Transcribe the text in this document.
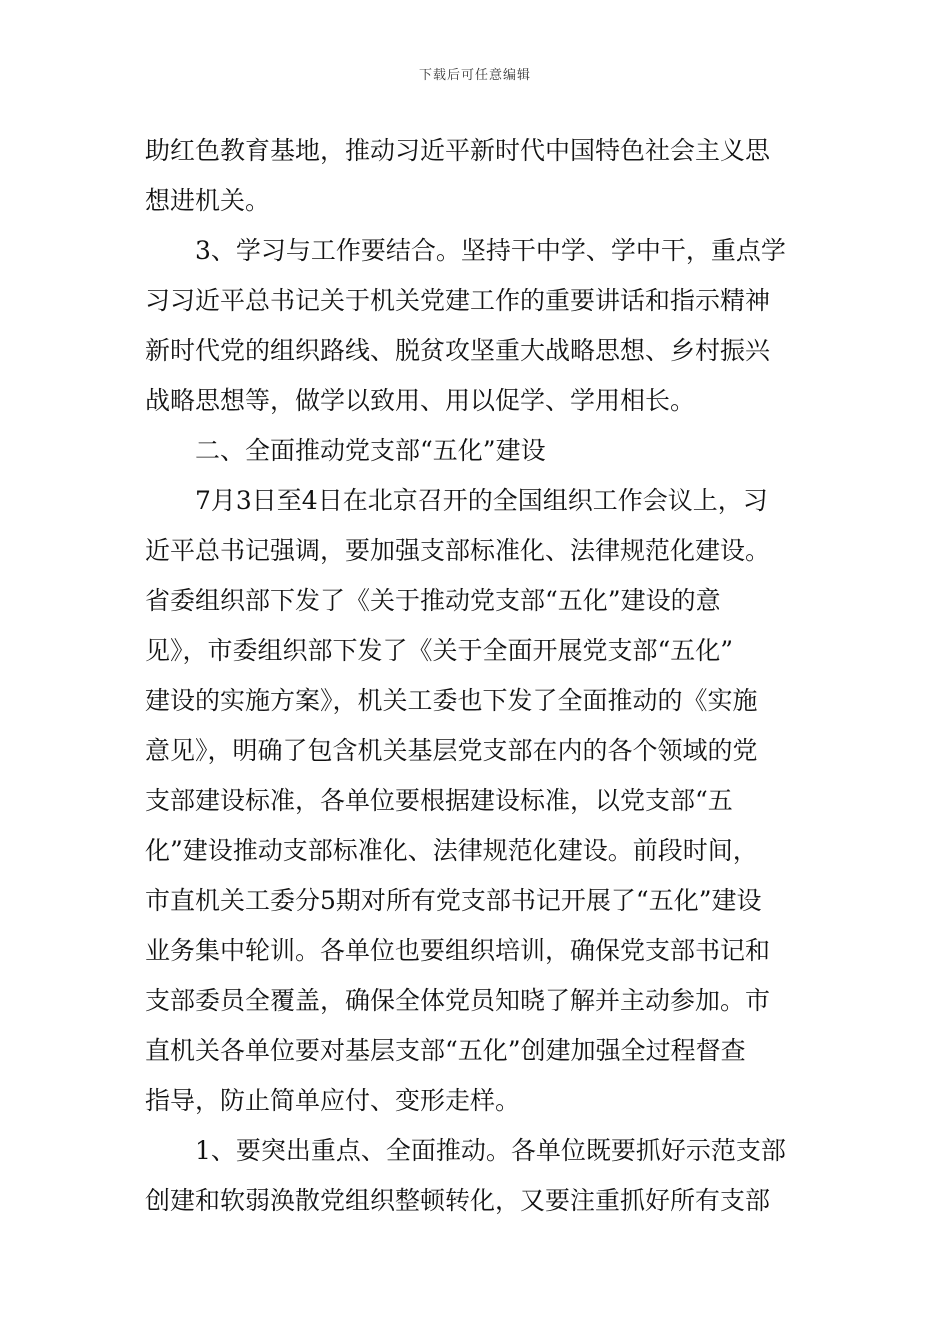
下载后可任意编辑
助红色教育基地，推动习近平新时代中国特色社会主义思
想进机关。
3、学习与工作要结合。坚持干中学、学中干，重点学
习习近平总书记关于机关党建工作的重要讲话和指示精神
新时代党的组织路线、脱贫攻坚重大战略思想、乡村振兴
战略思想等，做学以致用、用以促学、学用相长。
二、全面推动党支部“五化”建设
7月3日至4日在北京召开的全国组织工作会议上，习
近平总书记强调，要加强支部标准化、法律规范化建设。
省委组织部下发了《关于推动党支部“五化”建设的意
见》，市委组织部下发了《关于全面开展党支部“五化”
建设的实施方案》，机关工委也下发了全面推动的《实施
意见》，明确了包含机关基层党支部在内的各个领域的党
支部建设标准，各单位要根据建设标准，以党支部“五
化”建设推动支部标准化、法律规范化建设。前段时间，
市直机关工委分5期对所有党支部书记开展了“五化”建设
业务集中轮训。各单位也要组织培训，确保党支部书记和
支部委员全覆盖，确保全体党员知晓了解并主动参加。市
直机关各单位要对基层支部“五化”创建加强全过程督查
指导，防止简单应付、变形走样。
1、要突出重点、全面推动。各单位既要抓好示范支部
创建和软弱涣散党组织整顿转化，又要注重抓好所有支部
